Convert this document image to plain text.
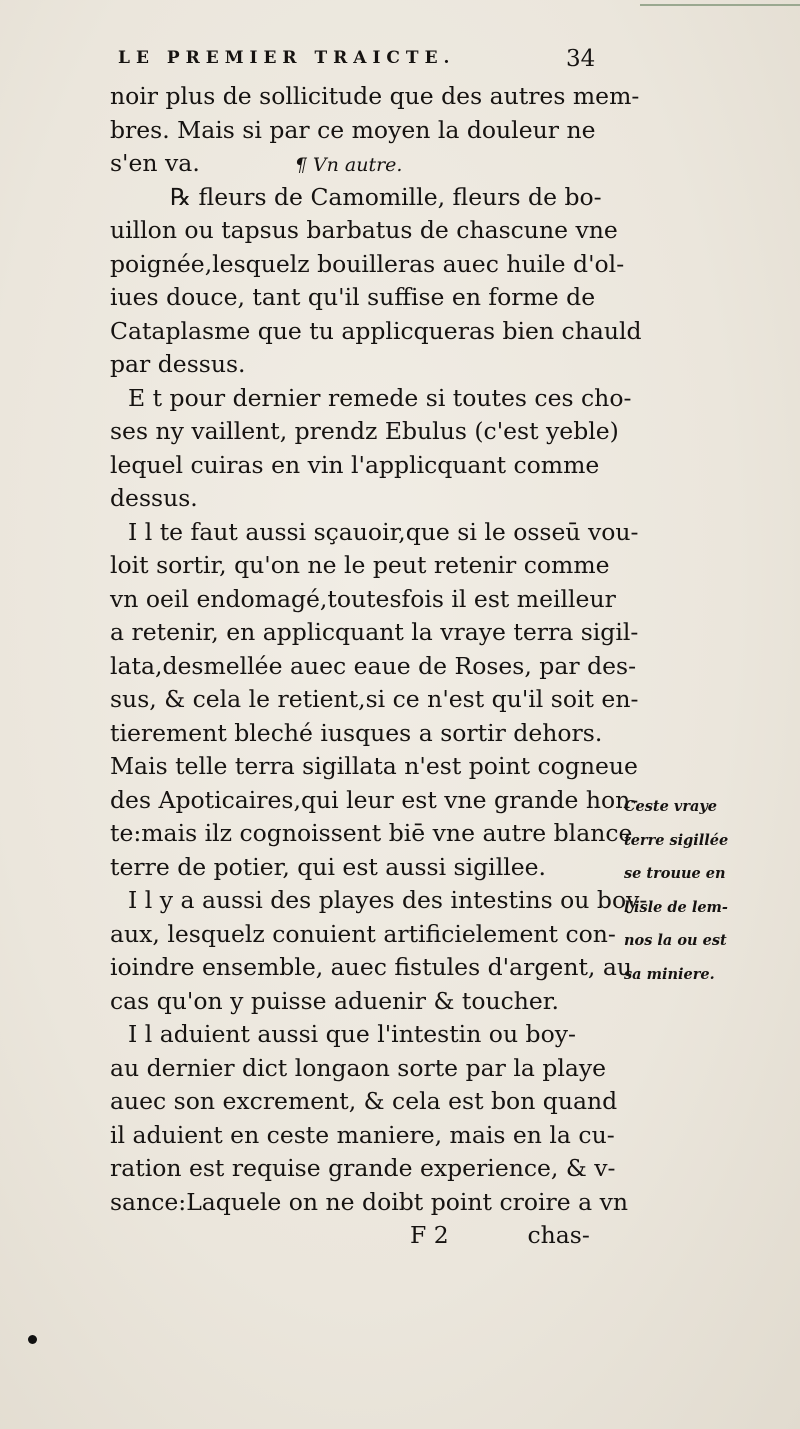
LE PREMIER TRAICTE.	34
noir plus de sollicitude que des autres mem-
bres. Mais si par ce moyen la douleur ne
s'en va.	¶ Vn autre.
℞ fleurs de Camomille, fleurs de bo-
uillon ou tapsus barbatus de chascune vne
poignée,lesquelz bouilleras auec huile d'ol-
iues douce, tant qu'il suffise en forme de
Cataplasme que tu applicqueras bien chauld
par dessus.
E t pour dernier remede si toutes ces cho-
ses ny vaillent, prendz Ebulus (c'est yeble)
lequel cuiras en vin l'applicquant comme
dessus.
I l te faut aussi sçauoir,que si le osseū vou-
loit sortir, qu'on ne le peut retenir comme
vn oeil endomagé,toutesfois il est meilleur
a retenir, en applicquant la vraye terra sigil-
lata,desmellée auec eaue de Roses, par des-
sus, & cela le retient,si ce n'est qu'il soit en-
tierement bleché iusques a sortir dehors.
Mais telle terra sigillata n'est point cogneue
des Apoticaires,qui leur est vne grande hon-
te:mais ilz cognoissent biē vne autre blance
terre de potier, qui est aussi sigillee.
I l y a aussi des playes des intestins ou boy-
aux, lesquelz conuient artificielement con-
ioindre ensemble, auec fistules d'argent, au
cas qu'on y puisse aduenir & toucher.
I l aduient aussi que l'intestin ou boy-
au dernier dict longaon sorte par la playe
auec son excrement, & cela est bon quand
il aduient en ceste maniere, mais en la cu-
ration est requise grande experience, & v-
sance:Laquele on ne doibt point croire a vn
F 2	chas-
Ceste vraye
terre sigillée
se trouue en
l'isle de lem-
nos la ou est
sa miniere.
